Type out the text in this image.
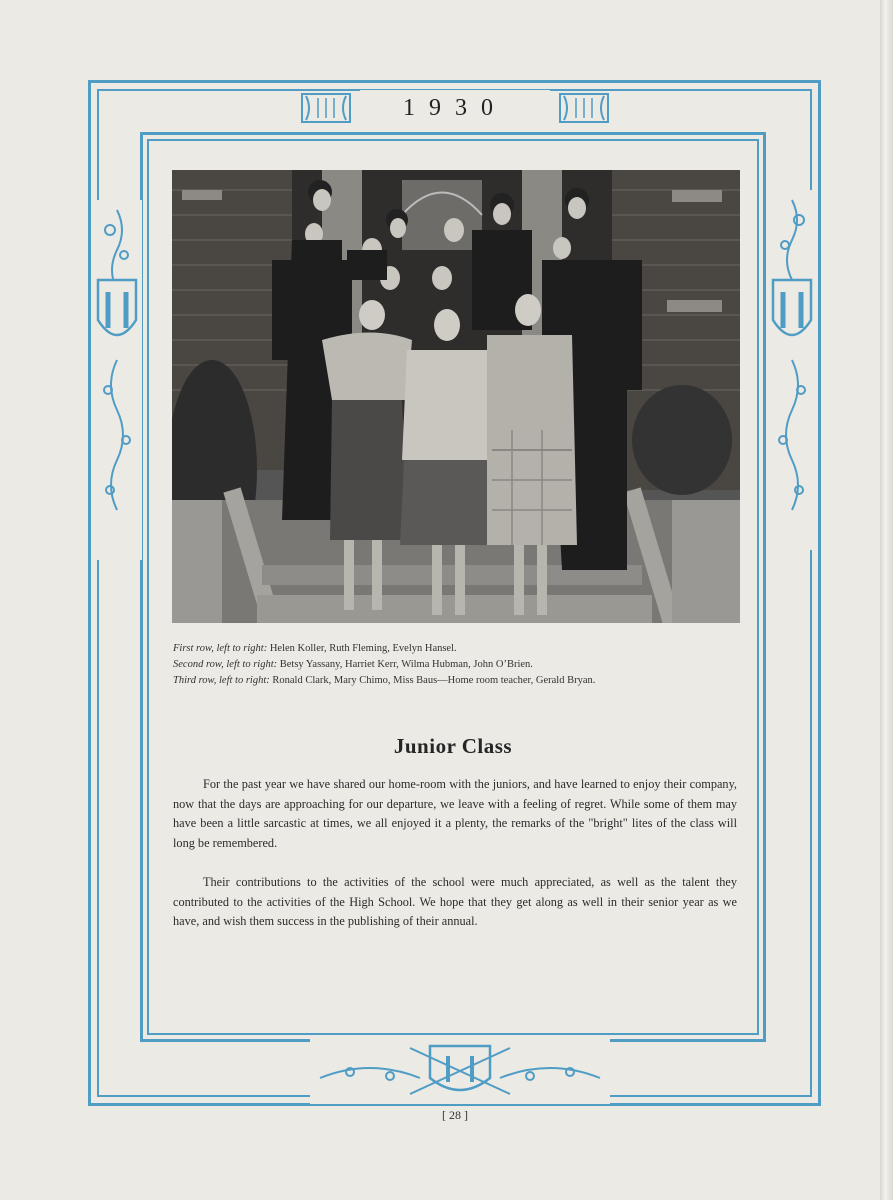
1930
First row, left to right: Helen Koller, Ruth Fleming, Evelyn Hansel.
Second row, left to right: Betsy Yassany, Harriet Kerr, Wilma Hubman, John O’Brien.
Third row, left to right: Ronald Clark, Mary Chimo, Miss Baus—Home room teacher, Gerald Bryan.
Junior Class

For the past year we have shared our home-room with the juniors, and have learned to enjoy their company, now that the days are approaching for our departure, we leave with a feeling of regret. While some of them may have been a little sarcastic at times, we all enjoyed it a plenty, the remarks of the "bright" lites of the class will long be remembered.

Their contributions to the activities of the school were much appreciated, as well as the talent they contributed to the activities of the High School. We hope that they get along as well in their senior year as we have, and wish them success in the publishing of their annual.

[ 28 ]
